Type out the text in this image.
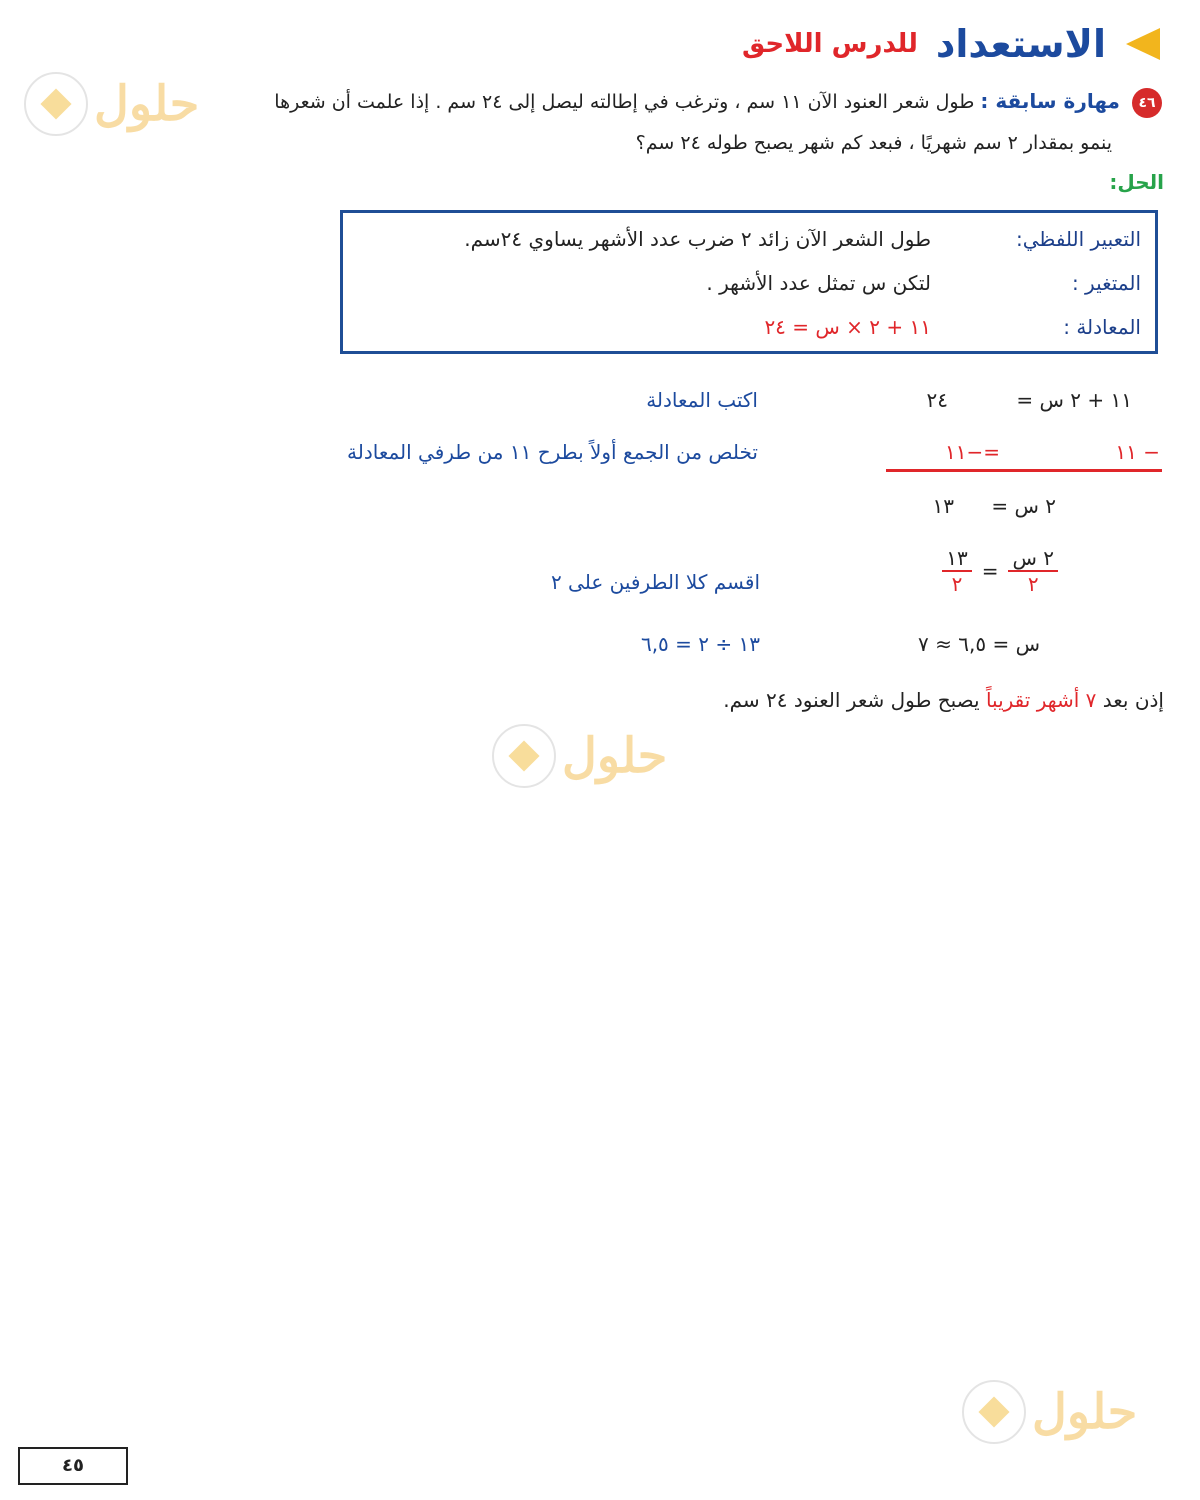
الاستعداد
للدرس اللاحق
٤٦ مهارة سابقة : طول شعر العنود الآن ١١ سم ، وترغب في إطالته ليصل إلى ٢٤ سم . إذا علمت أن شعرها
ينمو بمقدار ٢ سم شهريًا ، فبعد كم شهر يصبح طوله ٢٤ سم؟
الحل:
التعبير اللفظي:
طول الشعر الآن زائد ٢ ضرب عدد الأشهر يساوي ٢٤سم.
المتغير :
لتكن س تمثل عدد الأشهر .
المعادلة :
١١ + ٢ × س = ٢٤
١١ + ٢ س =
٢٤
اكتب المعادلة
− ١١
=−١١
تخلص من الجمع أولاً بطرح ١١ من طرفي المعادلة
٢ س =
١٣
$\frac{\text{٢ س}}{٢}$
=
$\frac{١٣}{٢}$
اقسم كلا الطرفين على ٢
س = ٦,٥ ≈ ٧
١٣ ÷ ٢ = ٦,٥
إذن بعد ٧ أشهر تقريباً يصبح طول شعر العنود ٢٤ سم.
حلول
حلول
حلول
٤٥
